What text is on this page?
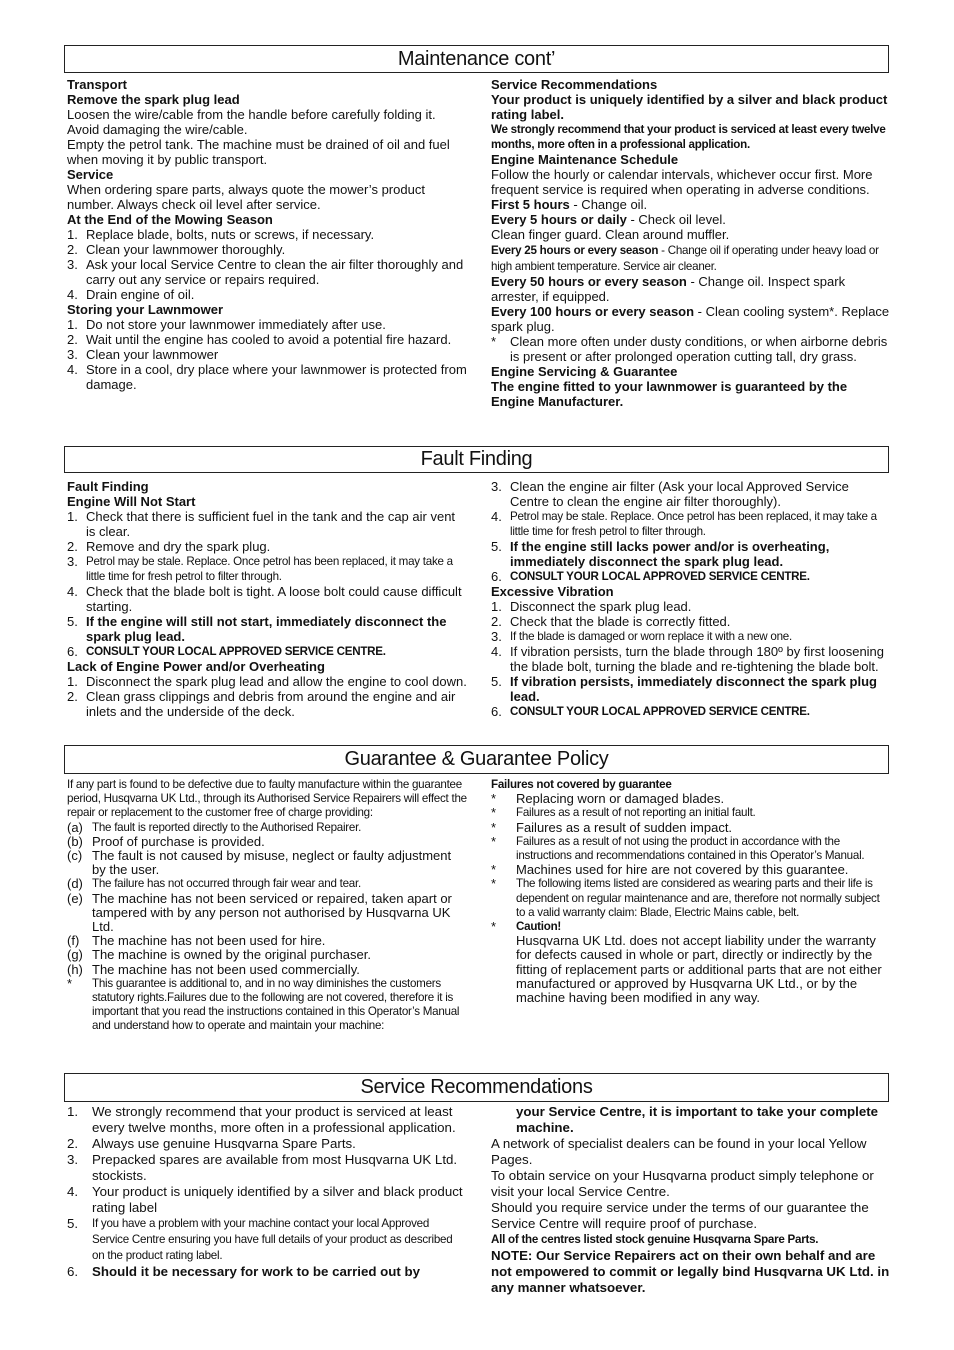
Maintenance cont’
Fault Finding
Guarantee & Guarantee Policy
Service Recommendations

Transport

Remove the spark plug lead

Loosen the wire/cable from the handle before carefully folding it. Avoid damaging the wire/cable.

Empty the petrol tank. The machine must be drained of oil and fuel when moving it by public transport.

Service

When ordering spare parts, always quote the mower’s product number. Always check oil level after service.

At the End of the Mowing Season

1. Replace blade, bolts, nuts or screws, if necessary.
2. Clean your lawnmower thoroughly.
3. Ask your local Service Centre to clean the air filter thoroughly and carry out any service or repairs required.
4. Drain engine of oil.

Storing your Lawnmower

1. Do not store your lawnmower immediately after use.
2. Wait until the engine has cooled to avoid a potential fire hazard.
3. Clean your lawnmower
4. Store in a cool, dry place where your lawnmower is protected from damage.

Service Recommendations

Your product is uniquely identified by a silver and black product rating label.

We strongly recommend that your product is serviced at least every twelve months, more often in a professional application.

Engine Maintenance Schedule

Follow the hourly or calendar intervals, whichever occur first. More frequent service is required when operating in adverse conditions.

First 5 hours - Change oil.

Every 5 hours or daily - Check oil level.

Clean finger guard. Clean around muffler.

Every 25 hours or every season - Change oil if operating under heavy load or high ambient temperature. Service air cleaner.

Every 50 hours or every season - Change oil. Inspect spark arrester, if equipped.

Every 100 hours or every season - Clean cooling system*. Replace spark plug.

*	Clean more often under dusty conditions, or when airborne debris is present or after prolonged operation cutting tall, dry grass.

Engine Servicing & Guarantee

The engine fitted to your lawnmower is guaranteed by the Engine Manufacturer.

Fault Finding

Engine Will Not Start

1. Check that there is sufficient fuel in the tank and the cap air vent is clear.
2. Remove and dry the spark plug.
3. Petrol may be stale. Replace. Once petrol has been replaced, it may take a little time for fresh petrol to filter through.
4. Check that the blade bolt is tight. A loose bolt could cause difficult starting.
5. If the engine will still not start, immediately disconnect the spark plug lead.
6. CONSULT YOUR LOCAL APPROVED SERVICE CENTRE.

Lack of Engine Power and/or Overheating

1. Disconnect the spark plug lead and allow the engine to cool down.
2. Clean grass clippings and debris from around the engine and air inlets and the underside of the deck.
3. Clean the engine air filter (Ask your local Approved Service Centre to clean the engine air filter thoroughly).
4. Petrol may be stale. Replace. Once petrol has been replaced, it may take a little time for fresh petrol to filter through.
5. If the engine still lacks power and/or is overheating, immediately disconnect the spark plug lead.
6. CONSULT YOUR LOCAL APPROVED SERVICE CENTRE.

Excessive Vibration

1. Disconnect the spark plug lead.
2. Check that the blade is correctly fitted.
3. If the blade is damaged or worn replace it with a new one.
4. If vibration persists, turn the blade through 180º by first loosening the blade bolt, turning the blade and re-tightening the blade bolt.
5. If vibration persists, immediately disconnect the spark plug lead.
6. CONSULT YOUR LOCAL APPROVED SERVICE CENTRE.

If any part is found to be defective due to faulty manufacture within the guarantee period, Husqvarna UK Ltd., through its Authorised Service Repairers will effect the repair or replacement to the customer free of charge providing:

(a) The fault is reported directly to the Authorised Repairer.
(b) Proof of purchase is provided.
(c) The fault is not caused by misuse, neglect or faulty adjustment by the user.
(d) The failure has not occurred through fair wear and tear.
(e) The machine has not been serviced or repaired, taken apart or tampered with by any person not authorised by Husqvarna UK Ltd.
(f) The machine has not been used for hire.
(g) The machine is owned by the original purchaser.
(h) The machine has not been used commercially.
*	This guarantee is additional to, and in no way diminishes the customers statutory rights.Failures due to the following are not covered, therefore it is important that you read the instructions contained in this Operator’s Manual and understand how to operate and maintain your machine:

Failures not covered by guarantee

*	Replacing worn or damaged blades.
*	Failures as a result of not reporting an initial fault.
*	Failures as a result of sudden impact.
*	Failures as a result of not using the product in accordance with the instructions and recommendations contained in this Operator’s Manual.
*	Machines used for hire are not covered by this guarantee.
*	The following items listed are considered as wearing parts and their life is dependent on regular maintenance and are, therefore not normally subject to a valid warranty claim: Blade, Electric Mains cable, belt.
*	Caution!
Husqvarna UK Ltd. does not accept liability under the warranty for defects caused in whole or part, directly or indirectly by the fitting of replacement parts or additional parts that are not either manufactured or approved by Husqvarna UK Ltd., or by the machine having been modified in any way.
1.	We strongly recommend that your product is serviced at least every twelve months, more often in a professional application.
2.	Always use genuine Husqvarna Spare Parts.
3.	Prepacked spares are available from most Husqvarna UK Ltd. stockists.
4.	Your product is uniquely identified by a silver and black product rating label
5.	If you have a problem with your machine contact your local Approved Service Centre ensuring you have full details of your product as described on the product rating label.
6.	Should it be necessary for work to be carried out by
your Service Centre, it is important to take your complete machine.

A network of specialist dealers can be found in your local Yellow Pages.

To obtain service on your Husqvarna product simply telephone or visit your local Service Centre.

Should you require service under the terms of our guarantee the Service Centre will require proof of purchase.

All of the centres listed stock genuine Husqvarna Spare Parts.

NOTE: Our Service Repairers act on their own behalf and are not empowered to commit or legally bind Husqvarna UK Ltd. in any manner whatsoever.
